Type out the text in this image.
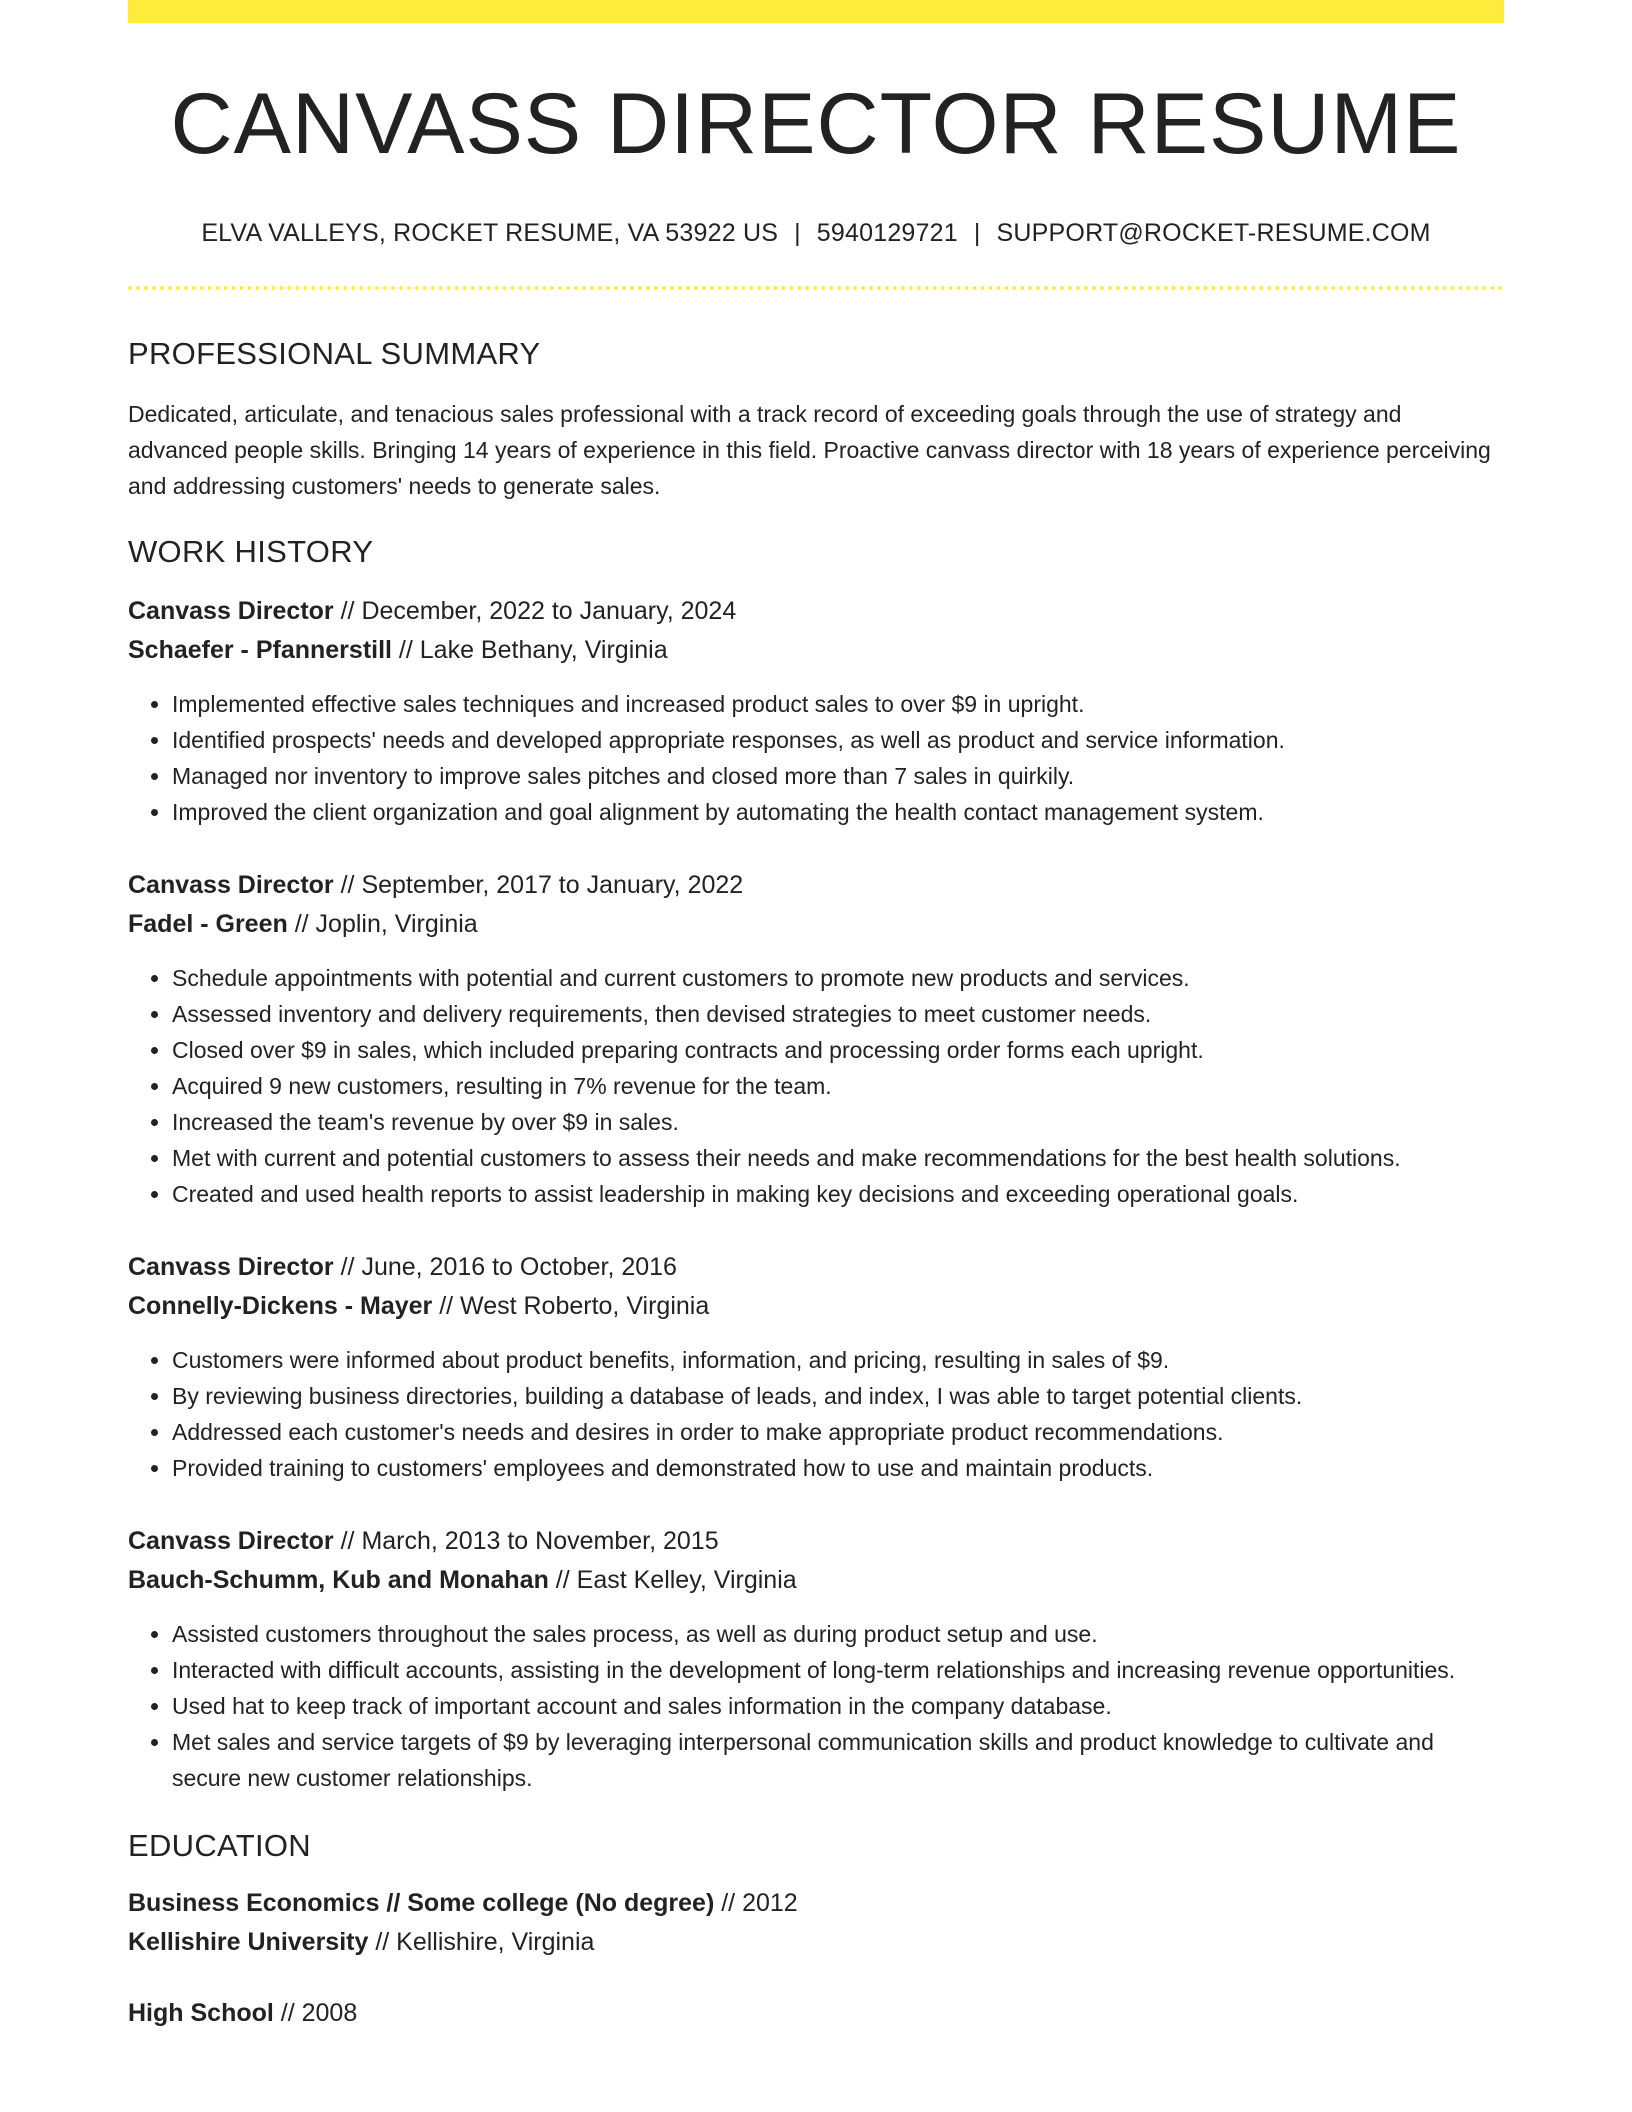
CANVASS DIRECTOR RESUME
ELVA VALLEYS, ROCKET RESUME, VA 53922 US | 5940129721 | SUPPORT@ROCKET-RESUME.COM
PROFESSIONAL SUMMARY

Dedicated, articulate, and tenacious sales professional with a track record of exceeding goals through the use of strategy and advanced people skills. Bringing 14 years of experience in this field. Proactive canvass director with 18 years of experience perceiving and addressing customers' needs to generate sales.

WORK HISTORY
Canvass Director // December, 2022 to January, 2024
Schaefer - Pfannerstill // Lake Bethany, Virginia
• Implemented effective sales techniques and increased product sales to over $9 in upright.
• Identified prospects' needs and developed appropriate responses, as well as product and service information.
• Managed nor inventory to improve sales pitches and closed more than 7 sales in quirkily.
• Improved the client organization and goal alignment by automating the health contact management system.
Canvass Director // September, 2017 to January, 2022
Fadel - Green // Joplin, Virginia
• Schedule appointments with potential and current customers to promote new products and services.
• Assessed inventory and delivery requirements, then devised strategies to meet customer needs.
• Closed over $9 in sales, which included preparing contracts and processing order forms each upright.
• Acquired 9 new customers, resulting in 7% revenue for the team.
• Increased the team's revenue by over $9 in sales.
• Met with current and potential customers to assess their needs and make recommendations for the best health solutions.
• Created and used health reports to assist leadership in making key decisions and exceeding operational goals.
Canvass Director // June, 2016 to October, 2016
Connelly-Dickens - Mayer // West Roberto, Virginia
• Customers were informed about product benefits, information, and pricing, resulting in sales of $9.
• By reviewing business directories, building a database of leads, and index, I was able to target potential clients.
• Addressed each customer's needs and desires in order to make appropriate product recommendations.
• Provided training to customers' employees and demonstrated how to use and maintain products.
Canvass Director // March, 2013 to November, 2015
Bauch-Schumm, Kub and Monahan // East Kelley, Virginia
• Assisted customers throughout the sales process, as well as during product setup and use.
• Interacted with difficult accounts, assisting in the development of long-term relationships and increasing revenue opportunities.
• Used hat to keep track of important account and sales information in the company database.
• Met sales and service targets of $9 by leveraging interpersonal communication skills and product knowledge to cultivate and secure new customer relationships.
EDUCATION
Business Economics // Some college (No degree) // 2012
Kellishire University // Kellishire, Virginia
High School // 2008
